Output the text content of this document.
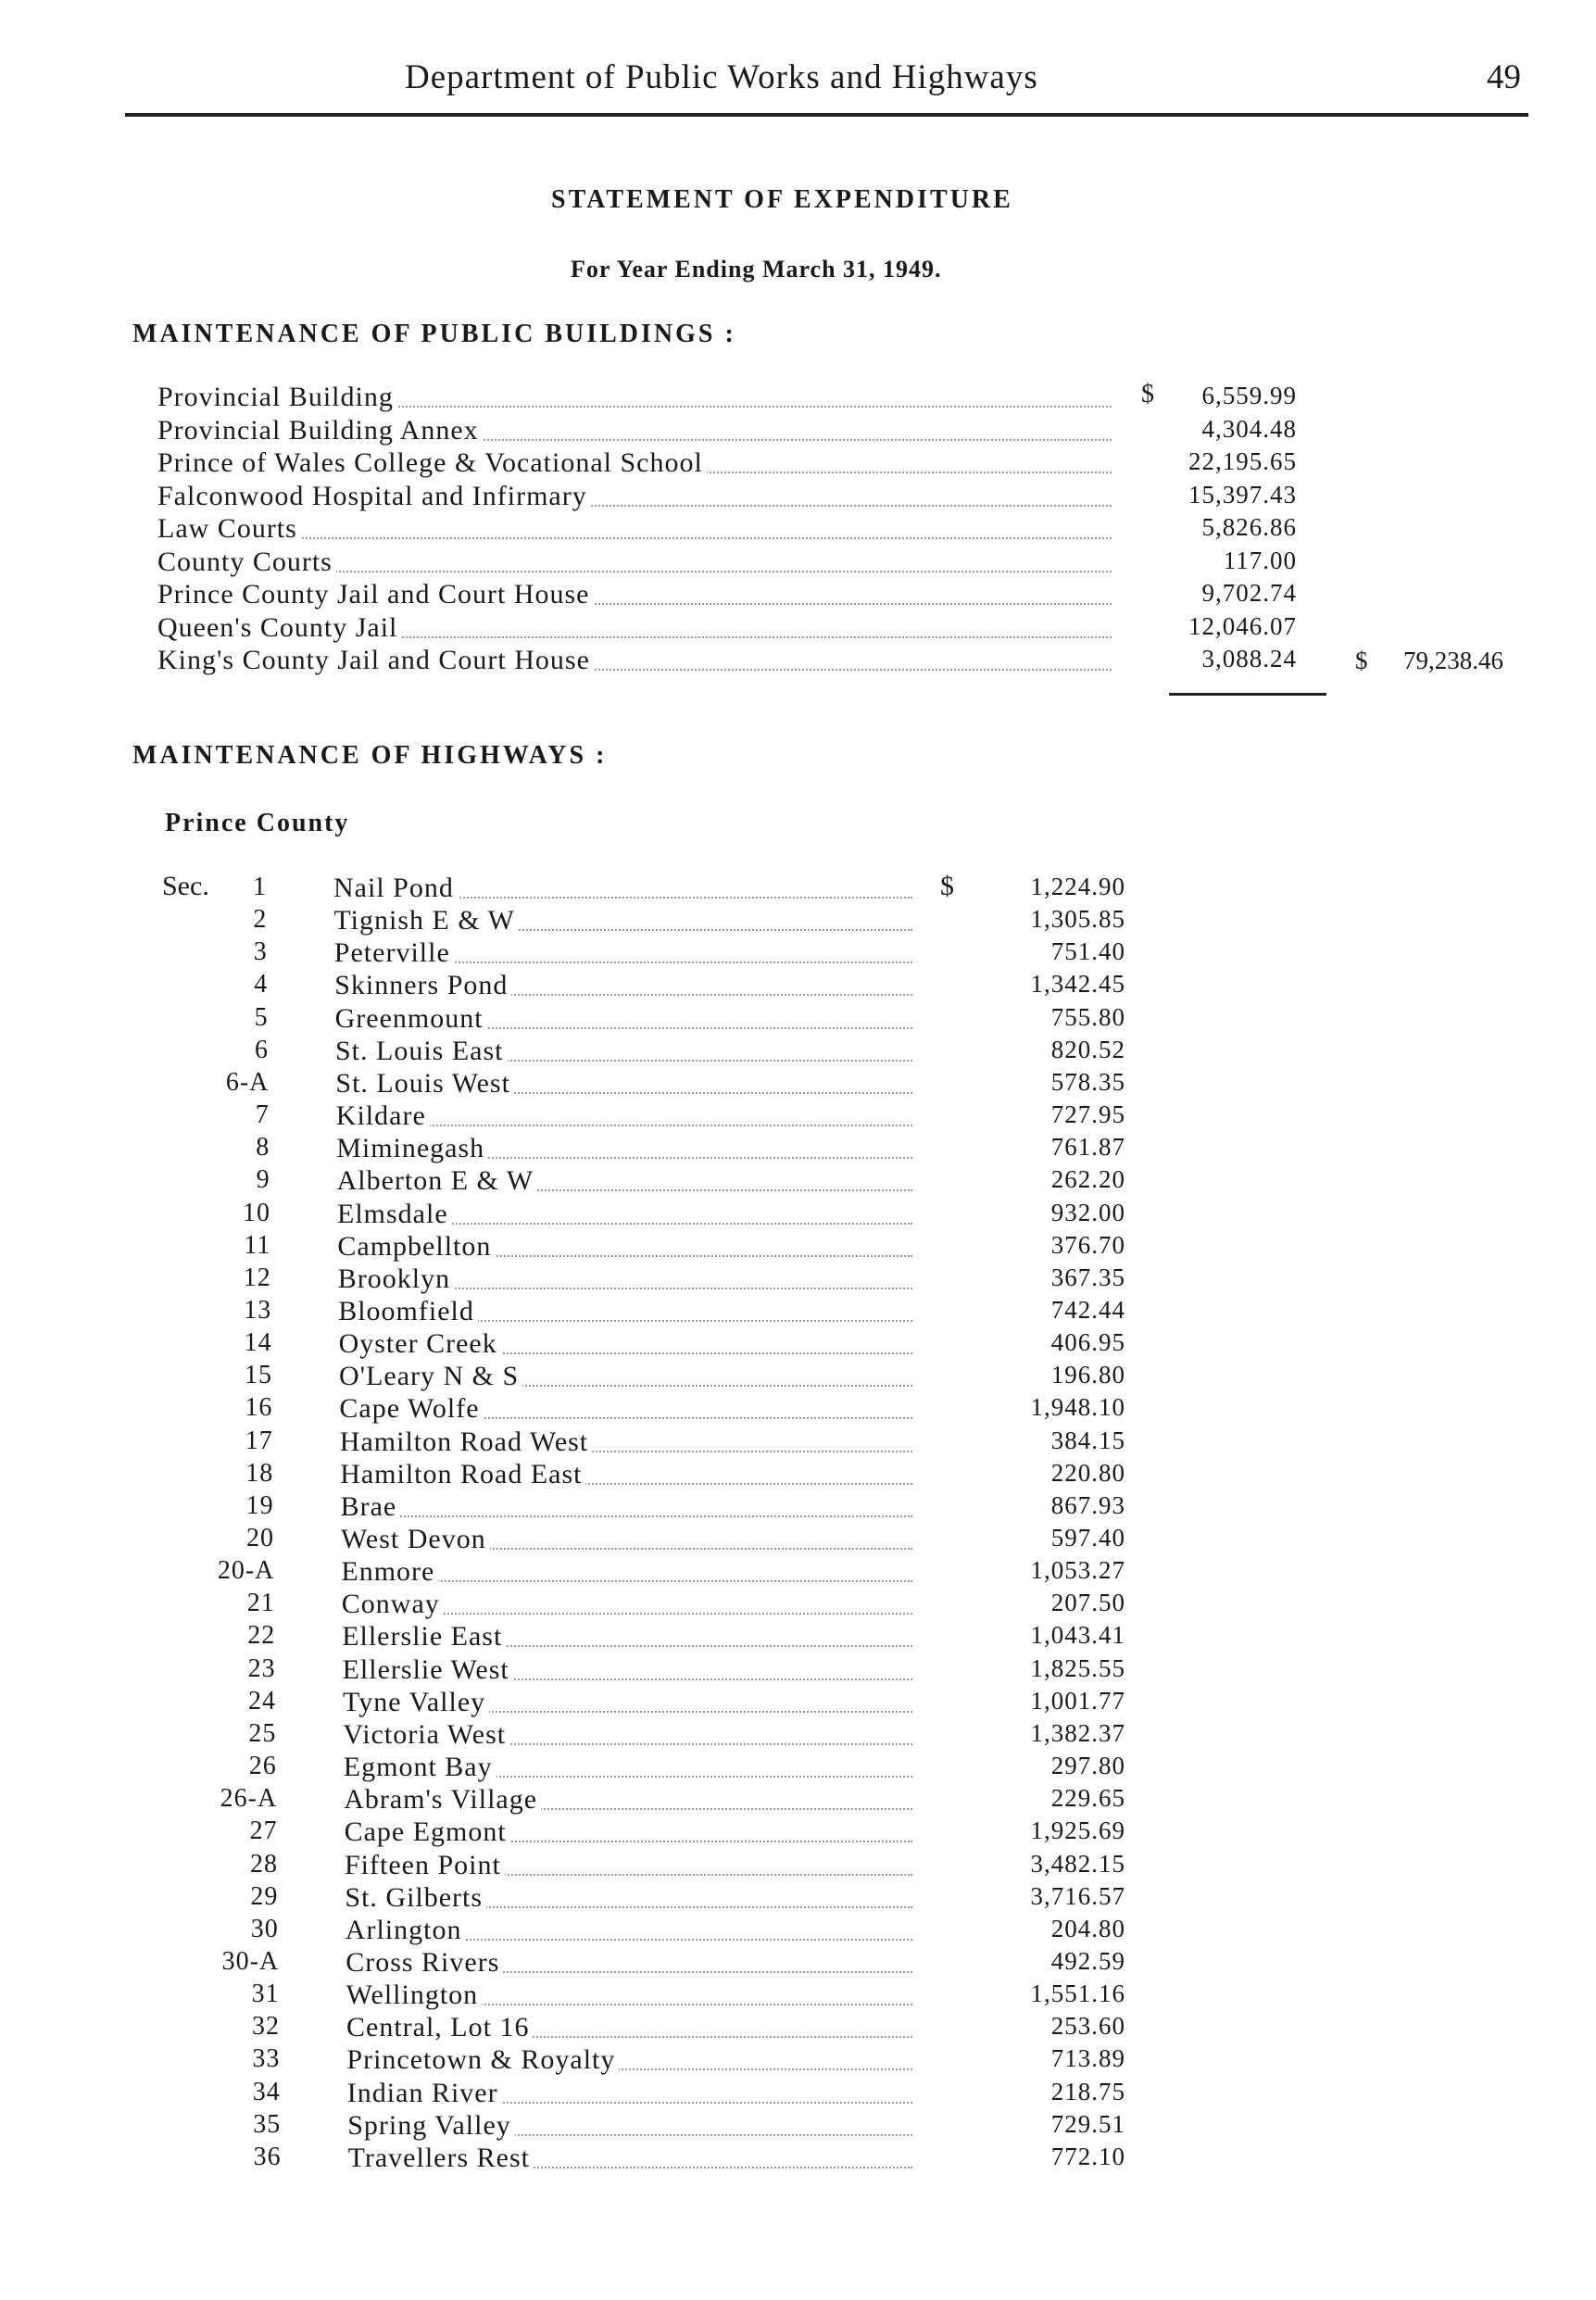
Department of Public Works and Highways	49
STATEMENT OF EXPENDITURE
For Year Ending March 31, 1949.
MAINTENANCE OF PUBLIC BUILDINGS :
$
Provincial Building	6,559.99
Provincial Building Annex	4,304.48
Prince of Wales College & Vocational School	22,195.65
Falconwood Hospital and Infirmary	15,397.43
Law Courts	5,826.86
County Courts	117.00
Prince County Jail and Court House	9,702.74
Queen's County Jail	12,046.07
King's County Jail and Court House	3,088.24 $ 79,238.46
MAINTENANCE OF HIGHWAYS :
Prince County
Sec.	$
1 Nail Pond	1,224.90
2 Tignish E & W	1,305.85
3 Peterville	751.40
4 Skinners Pond	1,342.45
5 Greenmount	755.80
6 St. Louis East	820.52
6-A St. Louis West	578.35
7 Kildare	727.95
8 Miminegash	761.87
9 Alberton E & W	262.20
10 Elmsdale	932.00
11 Campbellton	376.70
12 Brooklyn	367.35
13 Bloomfield	742.44
14 Oyster Creek	406.95
15 O'Leary N & S	196.80
16 Cape Wolfe	1,948.10
17 Hamilton Road West	384.15
18 Hamilton Road East	220.80
19 Brae	867.93
20 West Devon	597.40
20-A Enmore	1,053.27
21 Conway	207.50
22 Ellerslie East	1,043.41
23 Ellerslie West	1,825.55
24 Tyne Valley	1,001.77
25 Victoria West	1,382.37
26 Egmont Bay	297.80
26-A Abram's Village	229.65
27 Cape Egmont	1,925.69
28 Fifteen Point	3,482.15
29 St. Gilberts	3,716.57
30 Arlington	204.80
30-A Cross Rivers	492.59
31 Wellington	1,551.16
32 Central, Lot 16	253.60
33 Princetown & Royalty	713.89
34 Indian River	218.75
35 Spring Valley	729.51
36 Travellers Rest	772.10
